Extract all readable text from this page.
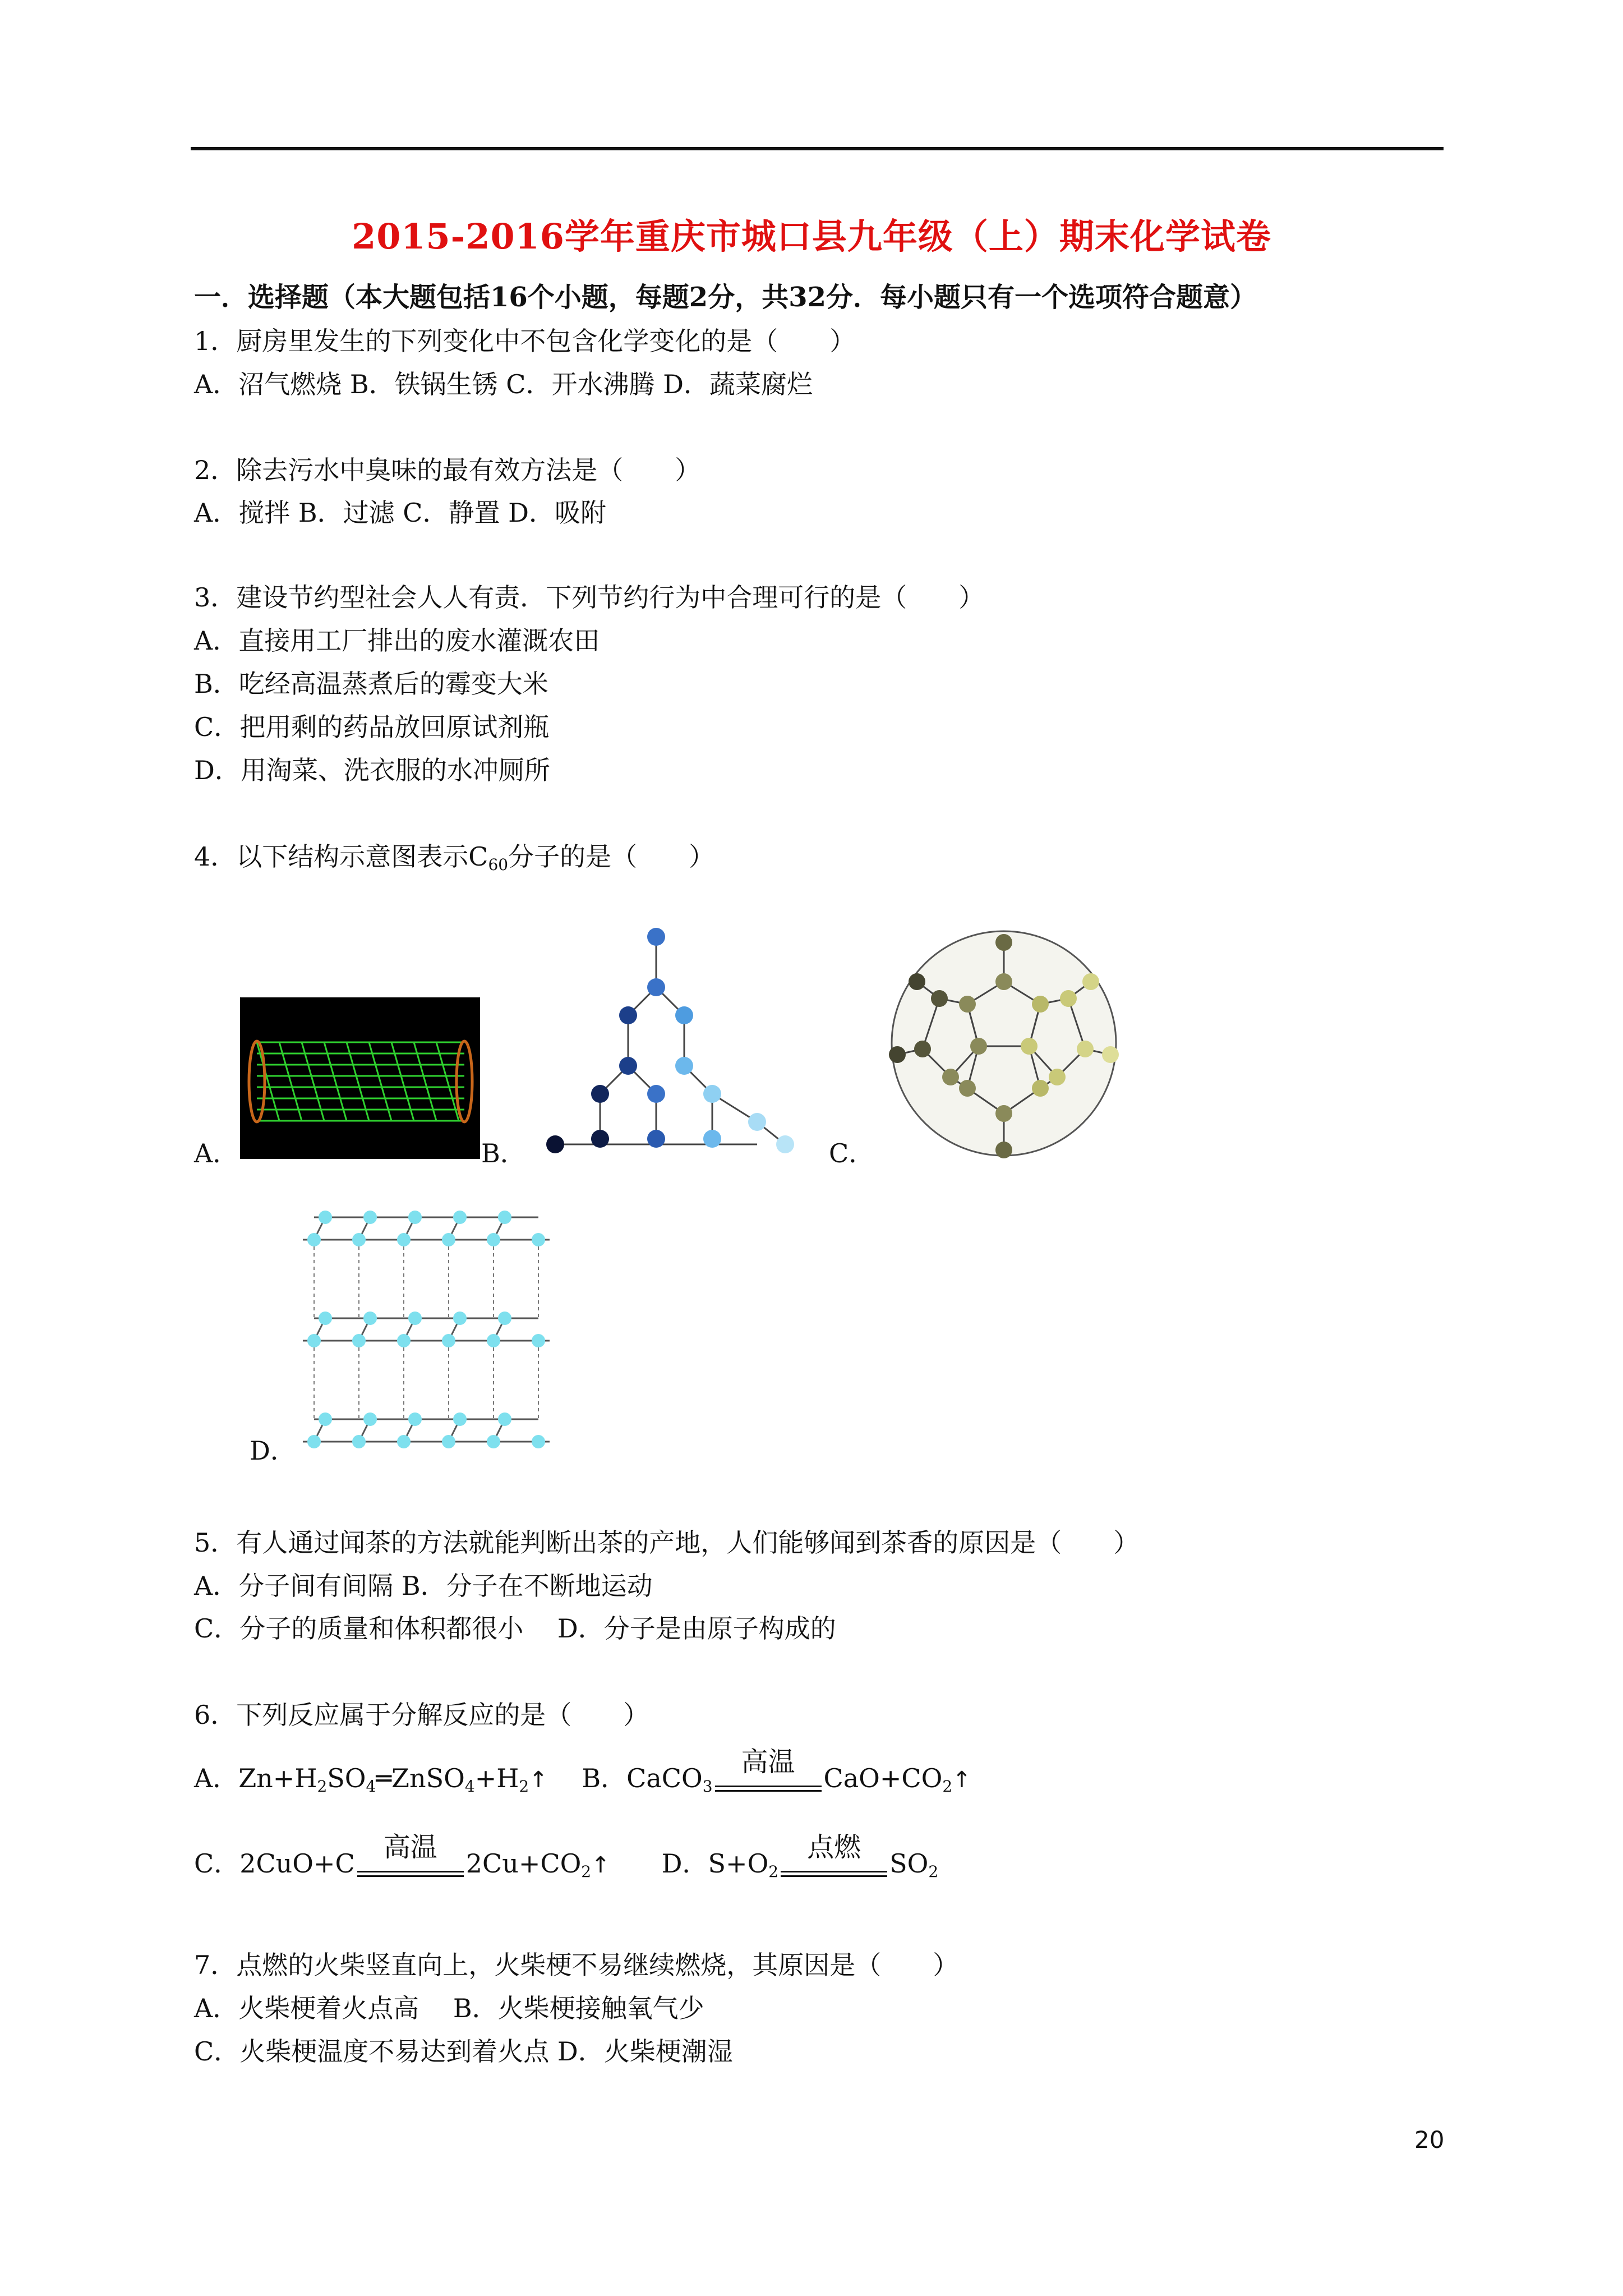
2015-2016学年重庆市城口县九年级（上）期末化学试卷
一．选择题（本大题包括16个小题，每题2分，共32分．每小题只有一个选项符合题意）
1．厨房里发生的下列变化中不包含化学变化的是（　　）
A．沼气燃烧 B．铁锅生锈 C．开水沸腾 D．蔬菜腐烂
2．除去污水中臭味的最有效方法是（　　）
A．搅拌 B．过滤 C．静置 D．吸附
3．建设节约型社会人人有责．下列节约行为中合理可行的是（　　）
A．直接用工厂排出的废水灌溉农田
B．吃经高温蒸煮后的霉变大米
C．把用剩的药品放回原试剂瓶
D．用淘菜、洗衣服的水冲厕所
4．以下结构示意图表示$C_{60}$分子的是（　　）
A．	B．	C．
D．
5．有人通过闻茶的方法就能判断出茶的产地，人们能够闻到茶香的原因是（　　）
A．分子间有间隔 B．分子在不断地运动
C．分子的质量和体积都很小　 D．分子是由原子构成的
6．下列反应属于分解反应的是（　　）
A．$Zn+H_2SO_4═ZnSO_4+H_2↑$　 B．CaCO$_3$
高温
$CaO+CO_2↑$
C．2CuO+C
高温
$2Cu+CO_2↑$　　D．$S+O_2$
点燃
$SO_2$
7．点燃的火柴竖直向上，火柴梗不易继续燃烧，其原因是（　　）
A．火柴梗着火点高　 B．火柴梗接触氧气少
C．火柴梗温度不易达到着火点 D．火柴梗潮湿
20
